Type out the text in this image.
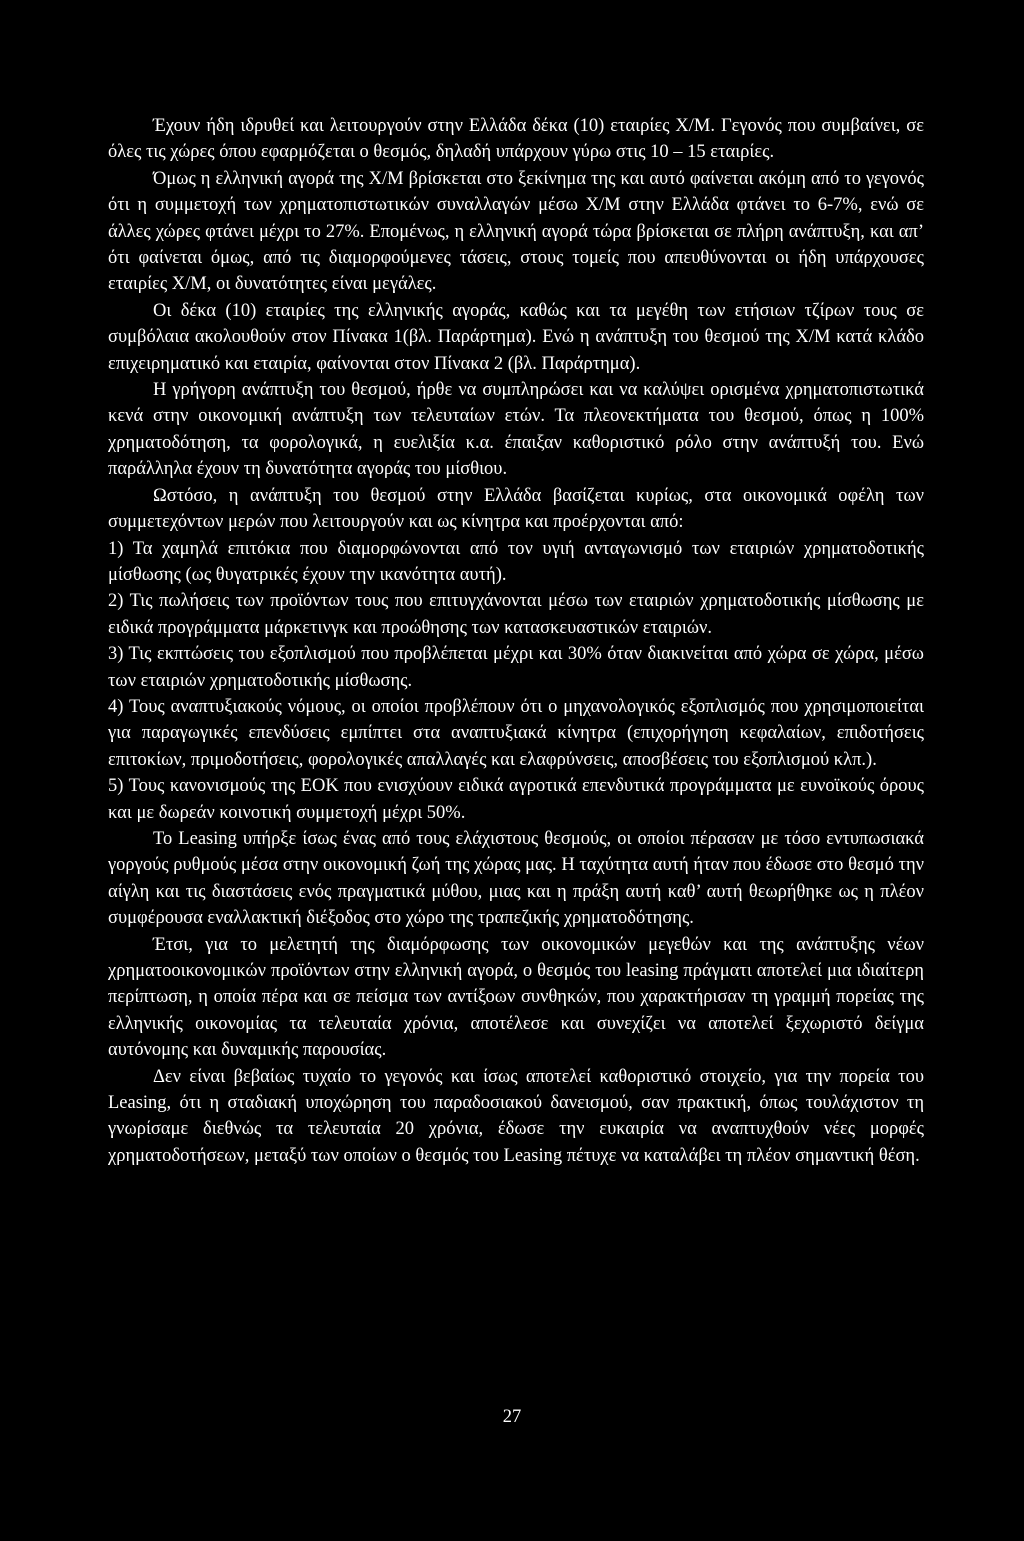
Έχουν ήδη ιδρυθεί και λειτουργούν στην Ελλάδα δέκα (10) εταιρίες Χ/Μ. Γεγονός που συμβαίνει, σε όλες τις χώρες όπου εφαρμόζεται ο θεσμός, δηλαδή υπάρχουν γύρω στις 10 – 15 εταιρίες.

Όμως η ελληνική αγορά της Χ/Μ βρίσκεται στο ξεκίνημα της και αυτό φαίνεται ακόμη από το γεγονός ότι η συμμετοχή των χρηματοπιστωτικών συναλλαγών μέσω Χ/Μ στην Ελλάδα φτάνει το 6-7%, ενώ σε άλλες χώρες φτάνει μέχρι το 27%. Επομένως, η ελληνική αγορά τώρα βρίσκεται σε πλήρη ανάπτυξη, και απ’ ότι φαίνεται όμως, από τις διαμορφούμενες τάσεις, στους τομείς που απευθύνονται οι ήδη υπάρχουσες εταιρίες Χ/Μ, οι δυνατότητες είναι μεγάλες.

Οι δέκα (10) εταιρίες της ελληνικής αγοράς, καθώς και τα μεγέθη των ετήσιων τζίρων τους σε συμβόλαια ακολουθούν στον Πίνακα 1(βλ. Παράρτημα). Ενώ η ανάπτυξη του θεσμού της Χ/Μ κατά κλάδο επιχειρηματικό και εταιρία, φαίνονται στον Πίνακα 2 (βλ. Παράρτημα).

Η γρήγορη ανάπτυξη του θεσμού, ήρθε να συμπληρώσει και να καλύψει ορισμένα χρηματοπιστωτικά κενά στην οικονομική ανάπτυξη των τελευταίων ετών. Τα πλεονεκτήματα του θεσμού, όπως η 100% χρηματοδότηση, τα φορολογικά, η ευελιξία κ.α. έπαιξαν καθοριστικό ρόλο στην ανάπτυξή του. Ενώ παράλληλα έχουν τη δυνατότητα αγοράς του μίσθιου.

Ωστόσο, η ανάπτυξη του θεσμού στην Ελλάδα βασίζεται κυρίως, στα οικονομικά οφέλη των συμμετεχόντων μερών που λειτουργούν και ως κίνητρα και προέρχονται από:

1) Τα χαμηλά επιτόκια που διαμορφώνονται από τον υγιή ανταγωνισμό των εταιριών χρηματοδοτικής μίσθωσης (ως θυγατρικές έχουν την ικανότητα αυτή).

2) Τις πωλήσεις των προϊόντων τους που επιτυγχάνονται μέσω των εταιριών χρηματοδοτικής μίσθωσης με ειδικά προγράμματα μάρκετινγκ και προώθησης των κατασκευαστικών εταιριών.

3) Τις εκπτώσεις του εξοπλισμού που προβλέπεται μέχρι και 30% όταν διακινείται από χώρα σε χώρα, μέσω των εταιριών χρηματοδοτικής μίσθωσης.

4) Τους αναπτυξιακούς νόμους, οι οποίοι προβλέπουν ότι ο μηχανολογικός εξοπλισμός που χρησιμοποιείται για παραγωγικές επενδύσεις εμπίπτει στα αναπτυξιακά κίνητρα (επιχορήγηση κεφαλαίων, επιδοτήσεις επιτοκίων, πριμοδοτήσεις, φορολογικές απαλλαγές και ελαφρύνσεις, αποσβέσεις του εξοπλισμού κλπ.).

5) Τους κανονισμούς της ΕΟΚ που ενισχύουν ειδικά αγροτικά επενδυτικά προγράμματα με ευνοϊκούς όρους και με δωρεάν κοινοτική συμμετοχή μέχρι 50%.

Το Leasing υπήρξε ίσως ένας από τους ελάχιστους θεσμούς, οι οποίοι πέρασαν με τόσο εντυπωσιακά γοργούς ρυθμούς μέσα στην οικονομική ζωή της χώρας μας. Η ταχύτητα αυτή ήταν που έδωσε στο θεσμό την αίγλη και τις διαστάσεις ενός πραγματικά μύθου, μιας και η πράξη αυτή καθ’ αυτή θεωρήθηκε ως η πλέον συμφέρουσα εναλλακτική διέξοδος στο χώρο της τραπεζικής χρηματοδότησης.

Έτσι, για το μελετητή της διαμόρφωσης των οικονομικών μεγεθών και της ανάπτυξης νέων χρηματοοικονομικών προϊόντων στην ελληνική αγορά, ο θεσμός του leasing πράγματι αποτελεί μια ιδιαίτερη περίπτωση, η οποία πέρα και σε πείσμα των αντίξοων συνθηκών, που χαρακτήρισαν τη γραμμή πορείας της ελληνικής οικονομίας τα τελευταία χρόνια, αποτέλεσε και συνεχίζει να αποτελεί ξεχωριστό δείγμα αυτόνομης και δυναμικής παρουσίας.

Δεν είναι βεβαίως τυχαίο το γεγονός και ίσως αποτελεί καθοριστικό στοιχείο, για την πορεία του Leasing, ότι η σταδιακή υποχώρηση του παραδοσιακού δανεισμού, σαν πρακτική, όπως τουλάχιστον τη γνωρίσαμε διεθνώς τα τελευταία 20 χρόνια, έδωσε την ευκαιρία να αναπτυχθούν νέες μορφές χρηματοδοτήσεων, μεταξύ των οποίων ο θεσμός του Leasing πέτυχε να καταλάβει τη πλέον σημαντική θέση.

27
